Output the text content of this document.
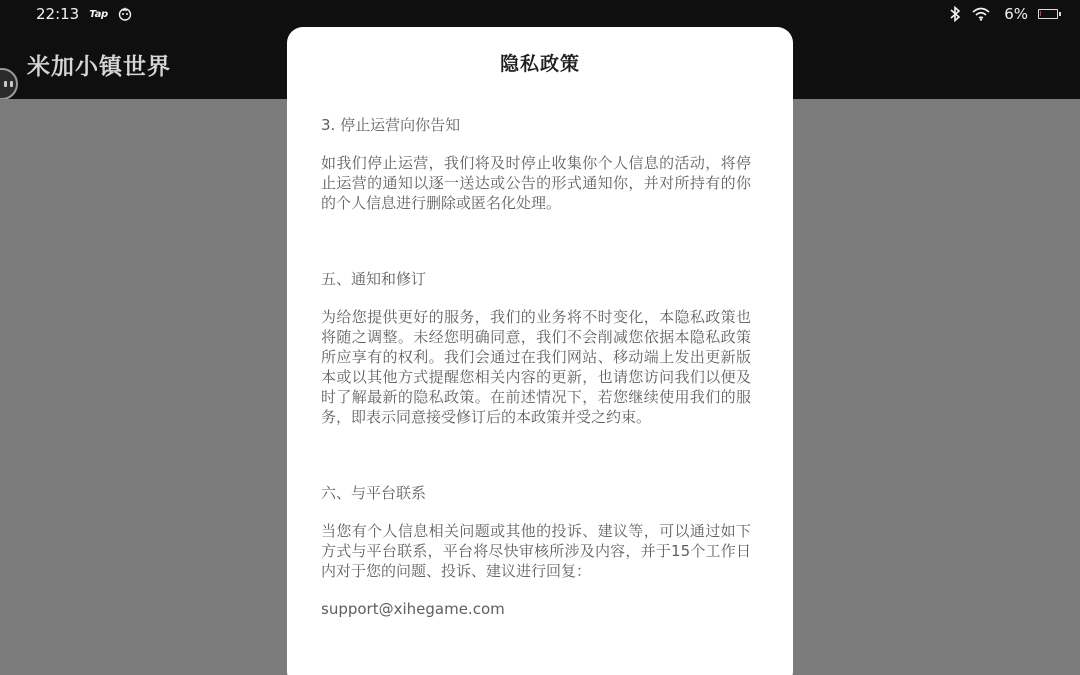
22:13 Tap	6%
米加小镇世界	隐私政策
3. 停止运营向你告知

如我们停止运营，我们将及时停止收集你个人信息的活动，将停止运营的通知以逐一送达或公告的形式通知你，并对所持有的你的个人信息进行删除或匿名化处理。

五、通知和修订

为给您提供更好的服务，我们的业务将不时变化，本隐私政策也将随之调整。未经您明确同意，我们不会削减您依据本隐私政策所应享有的权利。我们会通过在我们网站、移动端上发出更新版本或以其他方式提醒您相关内容的更新，也请您访问我们以便及时了解最新的隐私政策。在前述情况下，若您继续使用我们的服务，即表示同意接受修订后的本政策并受之约束。

六、与平台联系

当您有个人信息相关问题或其他的投诉、建议等，可以通过如下方式与平台联系，平台将尽快审核所涉及内容，并于15个工作日内对于您的问题、投诉、建议进行回复：

support@xihegame.com
